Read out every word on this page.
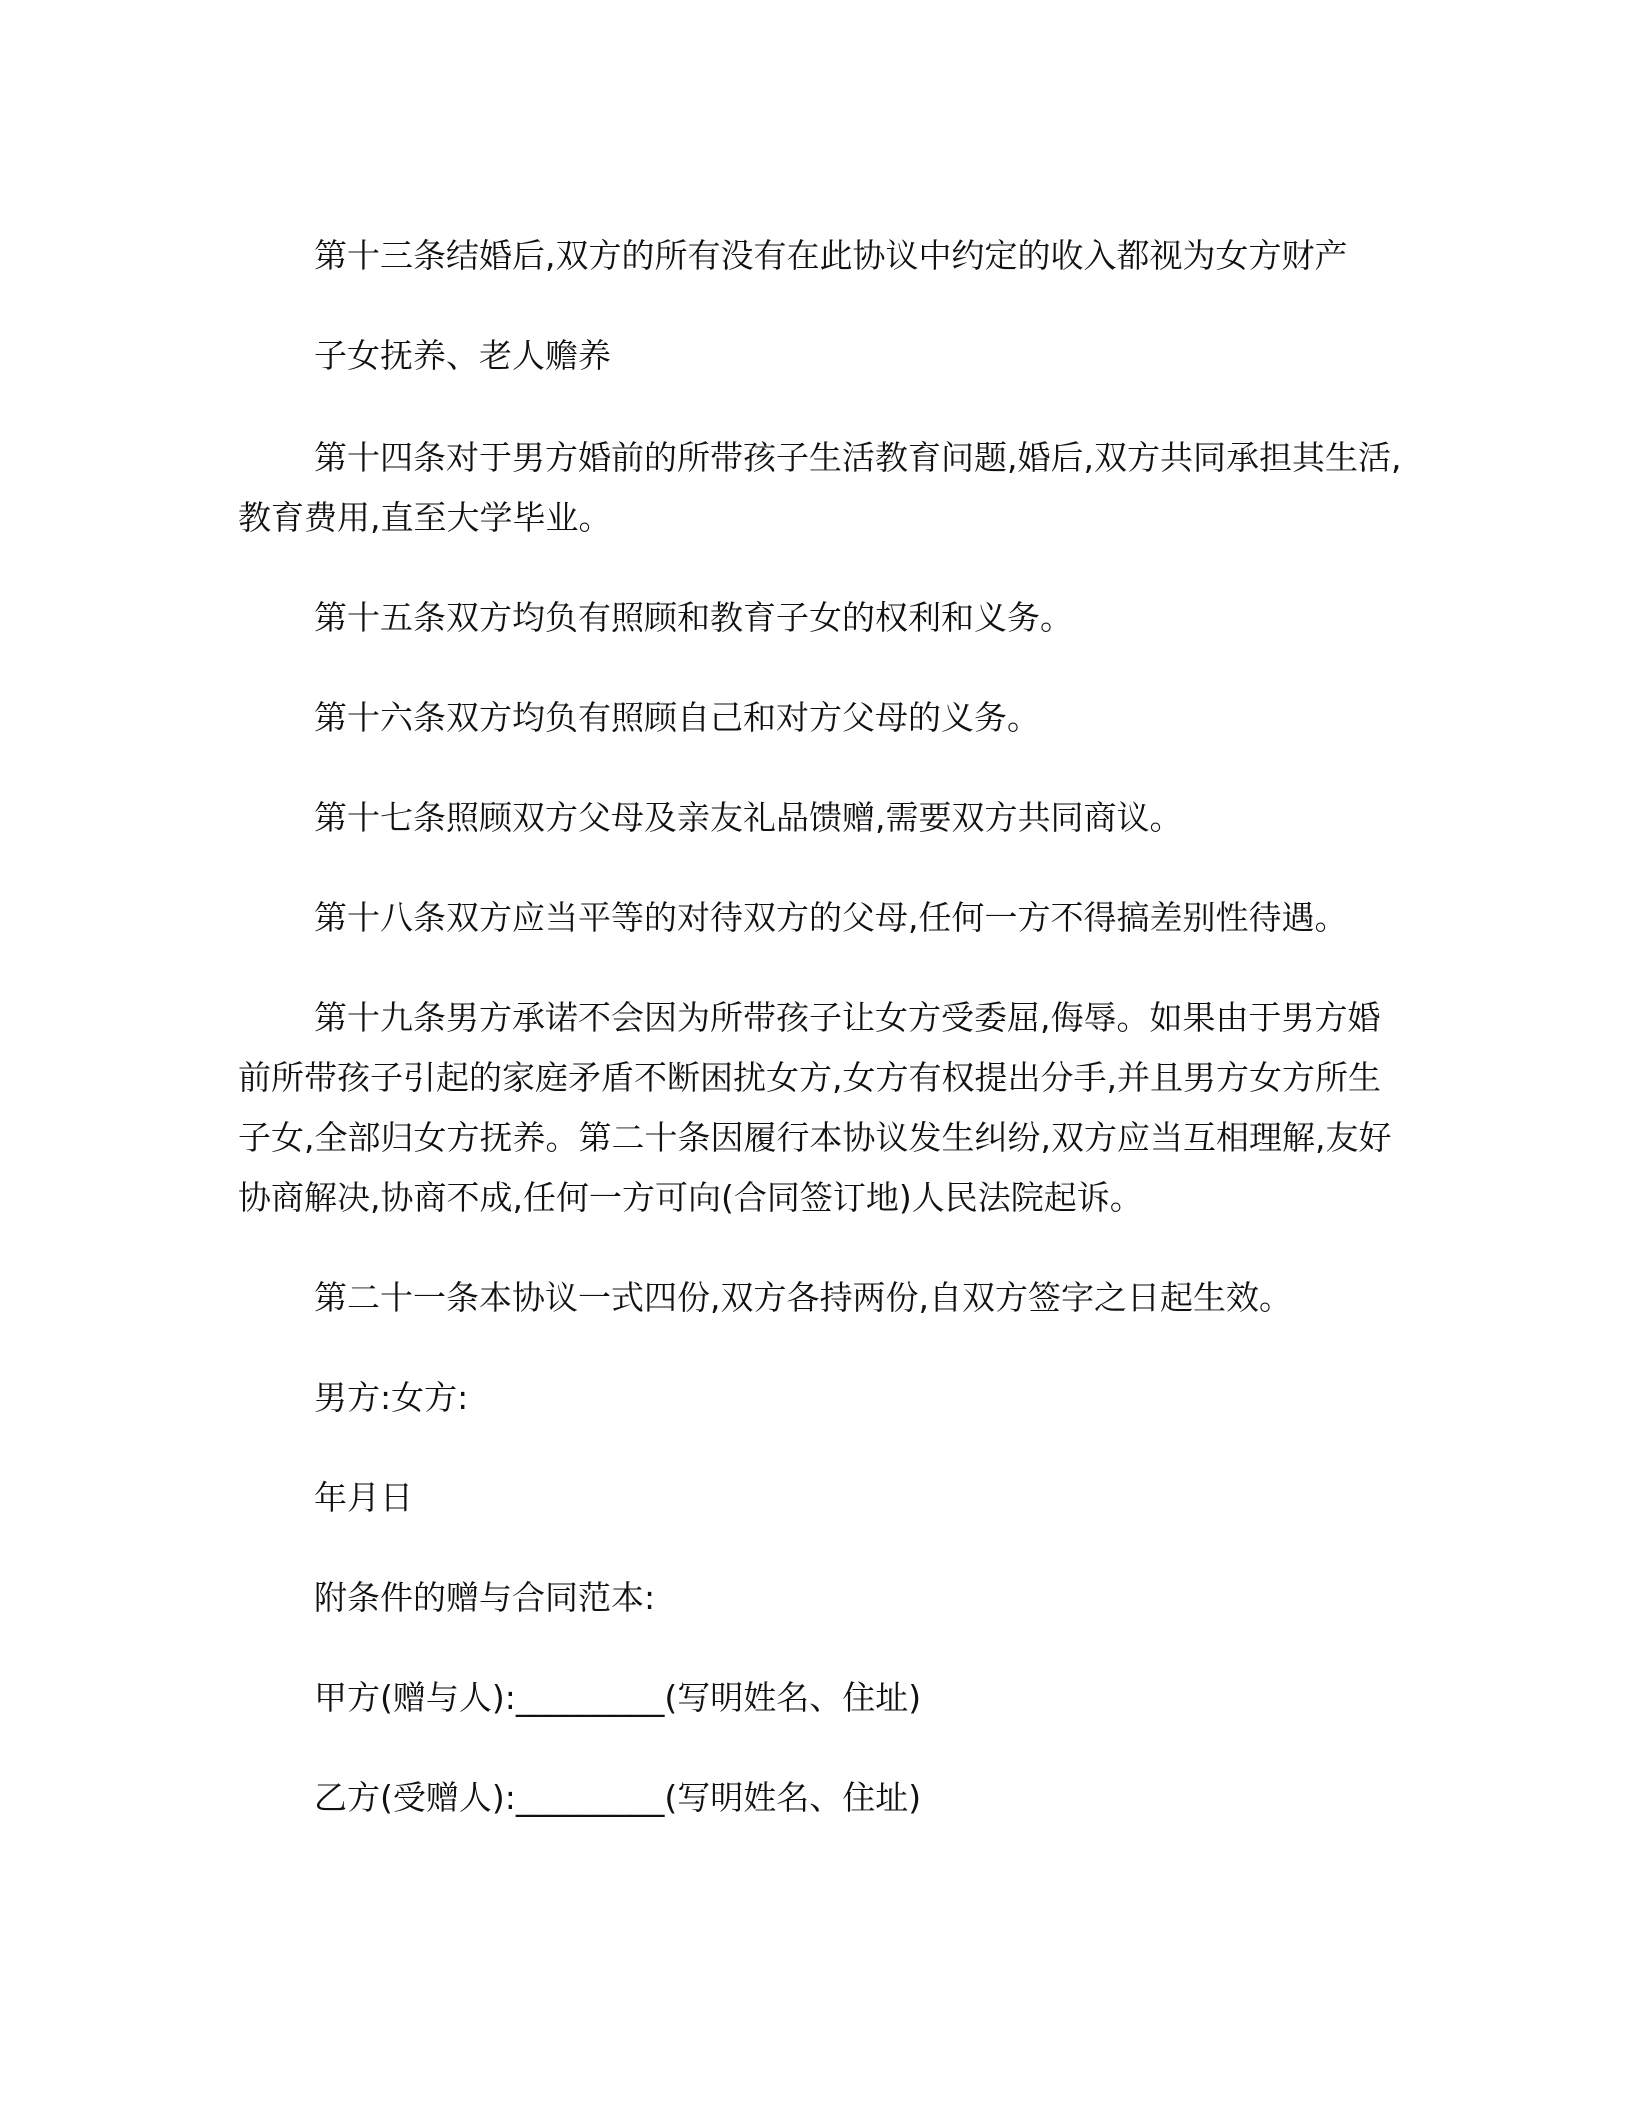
第十三条结婚后,双方的所有没有在此协议中约定的收入都视为女方财产

子女抚养、老人赡养

第十四条对于男方婚前的所带孩子生活教育问题,婚后,双方共同承担其生活,教育费用,直至大学毕业。

第十五条双方均负有照顾和教育子女的权利和义务。

第十六条双方均负有照顾自己和对方父母的义务。

第十七条照顾双方父母及亲友礼品馈赠,需要双方共同商议。

第十八条双方应当平等的对待双方的父母,任何一方不得搞差别性待遇。

第十九条男方承诺不会因为所带孩子让女方受委屈,侮辱。如果由于男方婚前所带孩子引起的家庭矛盾不断困扰女方,女方有权提出分手,并且男方女方所生子女,全部归女方抚养。第二十条因履行本协议发生纠纷,双方应当互相理解,友好协商解决,协商不成,任何一方可向(合同签订地)人民法院起诉。

第二十一条本协议一式四份,双方各持两份,自双方签字之日起生效。

男方:女方:

年月日

附条件的赠与合同范本:

甲方(赠与人):_________(写明姓名、住址)

乙方(受赠人):_________(写明姓名、住址)
